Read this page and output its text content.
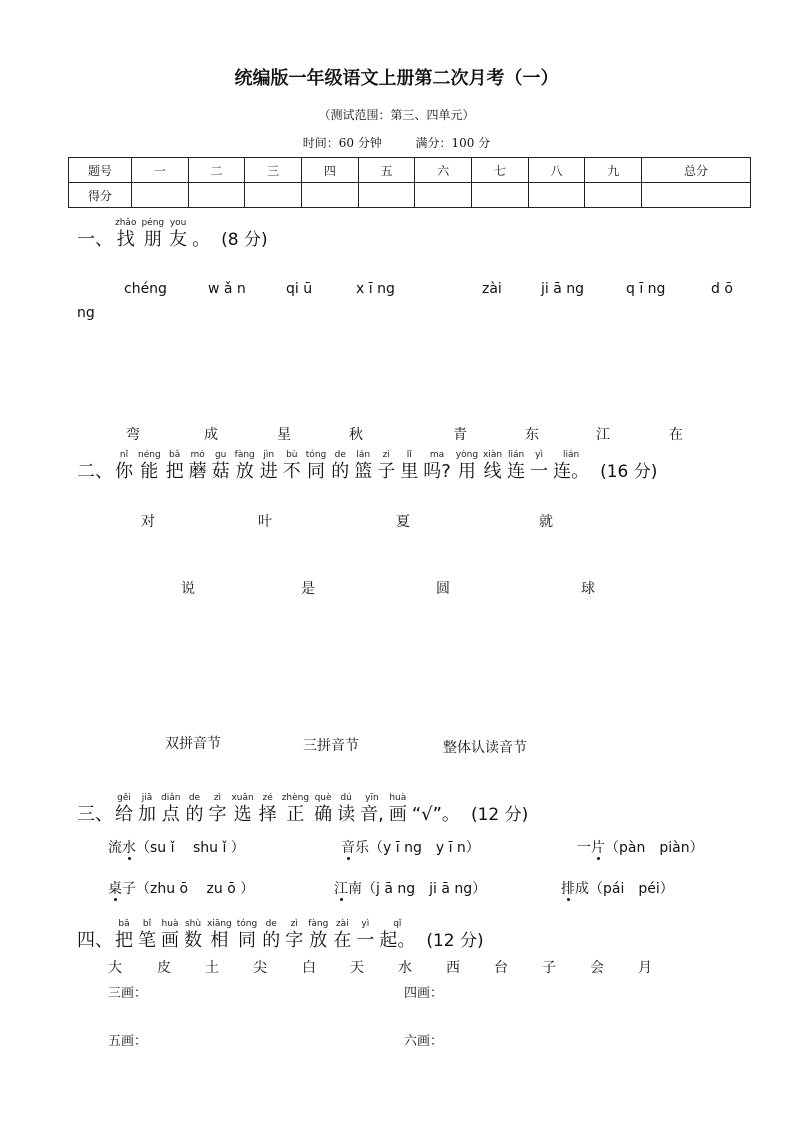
统编版一年级语文上册第二次月考（一）
（测试范围：第三、四单元）
时间：60 分钟	满分：100 分
题号	一	二	三	四	五	六	七	八	九	总分
得分										
一、
zhǎo
找
péng
朋
you
友 。 (8 分)
chéng	w ǎ n	qi ū	x ī ng	zài	ji ā ng	q ī ng	d ō
ng
弯	成	星	秋	青	东	江	在
二、
nǐ
你
néng
能
bǎ
把
mó
蘑
gu
菇
fàng
放
jìn
进
bù
不
tóng
同
de
的
lán
篮
zi
子
lǐ
里
ma
吗?
yòng
用
xiàn
线
lián
连
yì
一
lián
连。 (16 分)
对	叶	夏	就
说	是	圆	球
双拼音节	三拼音节	整体认读音节
三、
gěi
给
jiā
加
diǎn
点
de
的
zì
字
xuǎn
选
zé
择
zhèng
正
què
确
dú
读
yīn
音,
huà
画 “√”。 (12 分)
流水（su ǐ　 shu ǐ ）	音乐（y ī ng　y ī n）	一片（pàn　piàn）
桌子（zhu ō　 zu ō ）	江南（j ā ng　ji ā ng）	排成（pái　péi）
四、
bǎ
把
bǐ
笔
huà
画
shù
数
xiāng
相
tóng
同
de
的
zì
字
fàng
放
zài
在
yì
一
qǐ
起。 (12 分)
大	皮 土 尖	白 天 水 西 台 子 会 月
三画：	四画：
五画：	六画：
